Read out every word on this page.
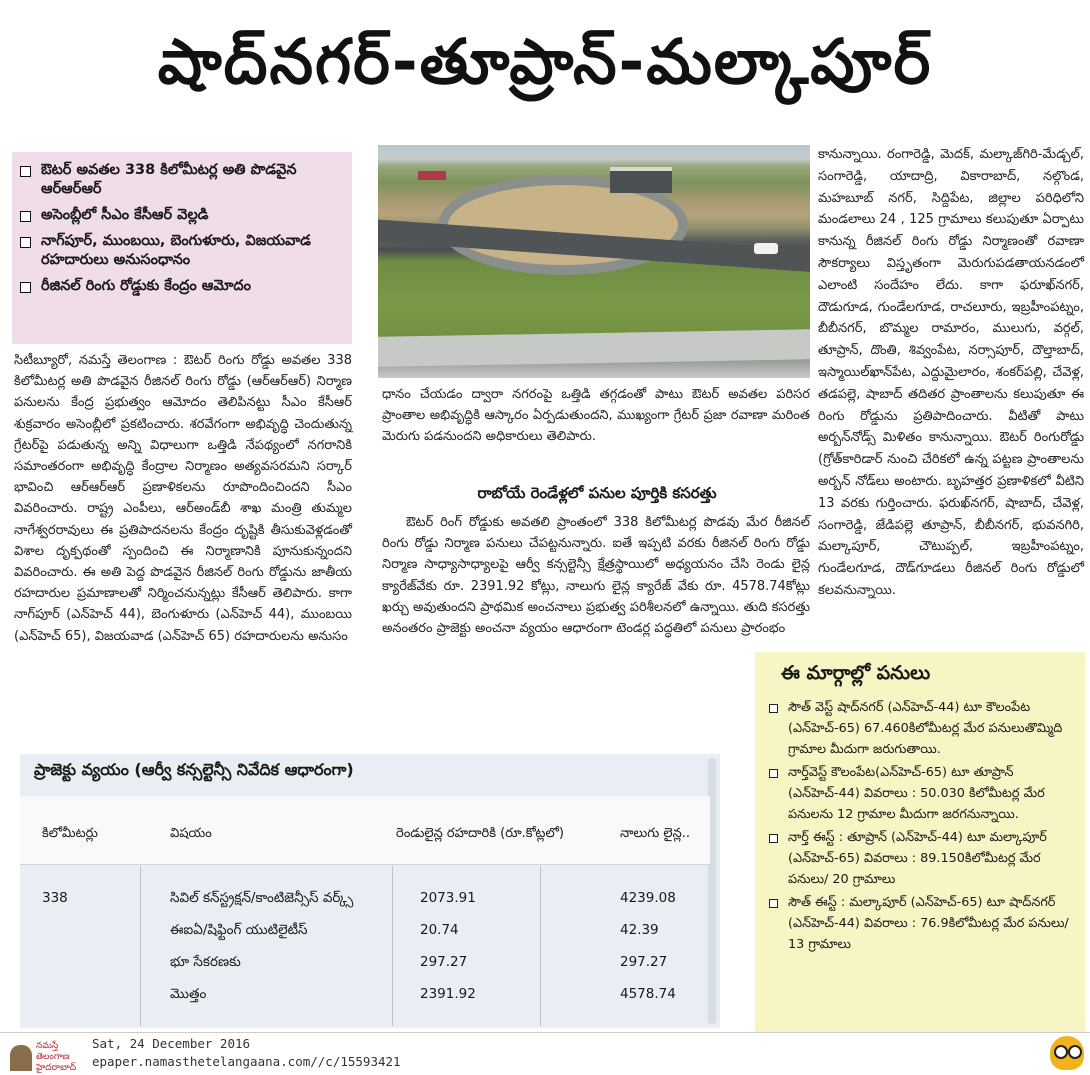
షాద్‌నగర్-తూప్రాన్-మల్కాపూర్
ఔటర్ అవతల 338 కిలోమీటర్ల అతి పొడవైన ఆర్‌ఆర్‌ఆర్
అసెంబ్లీలో సీఎం కేసీఆర్ వెల్లడి
నాగ్‌పూర్, ముంబయి, బెంగుళూరు, విజయవాడ రహదారులు అనుసంధానం
రీజినల్ రింగు రోడ్డుకు కేంద్రం ఆమోదం

సిటీబ్యూరో, నమస్తే తెలంగాణ : ఔటర్ రింగు రోడ్డు అవతల 338 కిలోమీటర్ల అతి పొడవైన రీజినల్ రింగు రోడ్డు (ఆర్‌ఆర్‌ఆర్) నిర్మాణ పనులను కేంద్ర ప్రభుత్వం ఆమోదం తెలిపినట్టు సీఎం కేసీఆర్ శుక్రవారం అసెంబ్లీలో ప్రకటించారు. శరవేగంగా అభివృద్ధి చెందుతున్న గ్రేటర్‌పై పడుతున్న అన్ని విధాలుగా ఒత్తిడి నేపథ్యంలో నగరానికి సమాంతరంగా అభివృద్ధి కేంద్రాల నిర్మాణం అత్యవసరమని సర్కార్ భావించి ఆర్‌ఆర్‌ఆర్ ప్రణాళికలను రూపొందించిందని సీఎం వివరించారు. రాష్ట్ర ఎంపీలు, ఆర్‌అండ్‌బీ శాఖ మంత్రి తుమ్మల నాగేశ్వరరావులు ఈ ప్రతిపాదనలను కేంద్రం దృష్టికి తీసుకువెళ్లడంతో విశాల దృక్పథంతో స్పందించి ఈ నిర్మాణానికి పూనుకున్నందని వివరించారు. ఈ అతి పెద్ద పొడవైన రీజినల్ రింగు రోడ్డును జాతీయ రహదారుల ప్రమాణాలతో నిర్మించనున్నట్లు కేసీఆర్ తెలిపారు. కాగా నాగ్‌పూర్ (ఎన్‌హెచ్ 44), బెంగుళూరు (ఎన్‌హెచ్ 44), ముంబయి (ఎన్‌హెచ్ 65), విజయవాడ (ఎన్‌హెచ్ 65) రహదారులను అనుసం

ధానం చేయడం ద్వారా నగరంపై ఒత్తిడి తగ్గడంతో పాటు ఔటర్ అవతల పరిసర ప్రాంతాల అభివృద్ధికి ఆస్కారం ఏర్పడుతుందని, ముఖ్యంగా గ్రేటర్ ప్రజా రవాణా మరింత మెరుగు పడనుందని అధికారులు తెలిపారు.

రాబోయే రెండేళ్లలో పనుల పూర్తికి కసరత్తు

ఔటర్ రింగ్ రోడ్డుకు అవతలి ప్రాంతంలో 338 కిలోమీటర్ల పొడవు మేర రీజినల్ రింగు రోడ్డు నిర్మాణ పనులు చేపట్టనున్నారు. ఐతే ఇప్పటి వరకు రీజినల్ రింగు రోడ్డు నిర్మాణ సాధ్యాసాధ్యాలపై ఆర్వీ కన్సల్టెన్సీ క్షేత్రస్థాయిలో అధ్యయనం చేసి రెండు లైన్ల క్యారేజ్‌వేకు రూ. 2391.92 కోట్లు, నాలుగు లైన్ల క్యారేజ్ వేకు రూ. 4578.74కోట్లు ఖర్చు అవుతుందని ప్రాథమిక అంచనాలు ప్రభుత్వ పరిశీలనలో ఉన్నాయి. తుది కసరత్తు అనంతరం ప్రాజెక్టు అంచనా వ్యయం ఆధారంగా టెండర్ల పద్ధతిలో పనులు ప్రారంభం

కానున్నాయి. రంగారెడ్డి, మెదక్, మల్కాజ్‌గిరి-మేడ్చల్, సంగారెడ్డి, యాదాద్రి, వికారాబాద్, నల్గొండ, మహబూబ్ నగర్, సిద్దిపేట, జిల్లాల పరిధిలోని మండలాలు 24 , 125 గ్రామాలు కలుపుతూ ఏర్పాటు కానున్న రీజినల్ రింగు రోడ్డు నిర్మాణంతో రవాణా సౌకర్యాలు విస్తృతంగా మెరుగుపడతాయనడంలో ఎలాంటి సందేహం లేదు. కాగా ఫరూఖ్‌నగర్, దౌడుగూడ, గుండేలగూడ, రాచలూరు, ఇబ్రహీంపట్నం, బీబీనగర్, బొమ్మల రామారం, ములుగు, వర్గల్, తూప్రాన్, దొంతి, శివ్వంపేట, నర్సాపూర్, దౌల్తాబాద్, ఇస్మాయిల్‌ఖాన్‌పేట, ఎద్దుమైలారం, శంకర్‌పల్లి, చేవెళ్ల, తడపల్లె, షాబాద్ తదితర ప్రాంతాలను కలుపుతూ ఈ రింగు రోడ్డును ప్రతిపాదించారు. వీటితో పాటు అర్బన్‌నోడ్స్ మిళితం కానున్నాయి. ఔటర్ రింగురోడ్డు (గ్రోత్‌కారిడార్ నుంచి చేరికలో ఉన్న పట్టణ ప్రాంతాలను అర్బన్ నోడ్‌లు అంటారు. బృహత్తర ప్రణాళికలో వీటిని 13 వరకు గుర్తించారు. ఫరుఖ్‌నగర్, షాబాద్, చేవెళ్ల, సంగారెడ్డి, జేడిపల్లె తూప్రాన్, బీబీనగర్, భువనగిరి, మల్కాపూర్, చౌటుప్పల్, ఇబ్రహీంపట్నం, గుండేలగూడ, దౌడ్‌గూడలు రీజినల్ రింగు రోడ్డులో కలవనున్నాయి.

ఈ మార్గాల్లో పనులు
సౌత్ వెస్ట్ షాద్‌నగర్ (ఎన్‌హెచ్-44) టూ కౌలంపేట (ఎన్‌హెచ్-65) 67.460కిలోమీటర్ల మేర పనులుతొమ్మిది గ్రామాల మీదుగా జరుగుతాయి.
నార్త్‌వెస్ట్ కౌలంపేట(ఎన్‌హెచ్-65) టూ తూప్రాన్ (ఎన్‌హెచ్-44) వివరాలు : 50.030 కిలోమీటర్ల మేర పనులను 12 గ్రామాల మీదుగా జరగనున్నాయి.
నార్త్ ఈస్ట్ : తూప్రాన్ (ఎన్‌హెచ్-44) టూ మల్కాపూర్ (ఎన్‌హెచ్-65) వివరాలు : 89.150కిలోమీటర్ల మేర పనులు/ 20 గ్రామాలు
సౌత్ ఈస్ట్ : మల్కాపూర్ (ఎన్‌హెచ్-65) టూ షాద్‌నగర్ (ఎన్‌హెచ్-44) వివరాలు : 76.9కిలోమీటర్ల మేర పనులు/ 13 గ్రామాలు
ప్రాజెక్టు వ్యయం (ఆర్వీ కన్సల్టెన్సీ నివేదిక ఆధారంగా)
కిలోమీటర్లు	విషయం	రెండులైన్ల రహదారికి (రూ.కోట్లలో)	నాలుగు లైన్ల..
338	సివిల్ కన్‌స్ట్రక్షన్/కాంటిజెన్సీస్ వర్క్స్	2073.91	4239.08
ఈఐఏ/షిఫ్టింగ్ యుటిలైటీస్	20.74	42.39
భూ సేకరణకు	297.27	297.27
మొత్తం	2391.92	4578.74
నమస్తే తెలంగాణ హైదరాబాద్
Sat, 24 December 2016
epaper.namasthetelangaana.com//c/15593421
